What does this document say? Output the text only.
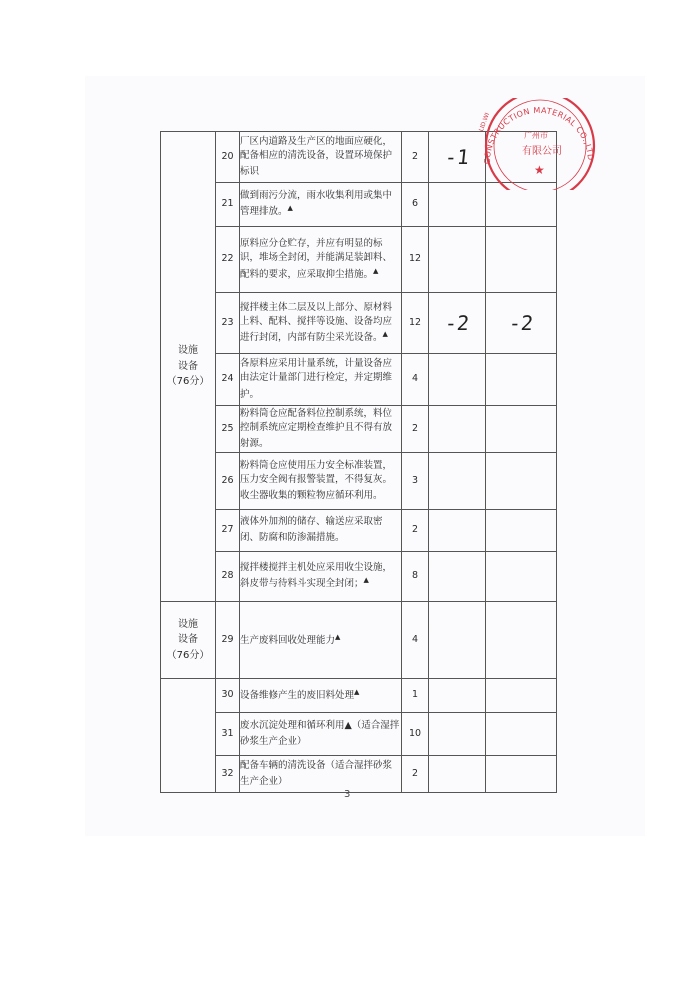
设施
设备
（76分）	20	厂区内道路及生产区的地面应硬化，配备相应的清洗设备，设置环境保护标识	2	-1	
	21	做到雨污分流，雨水收集利用或集中管理排放。▲	6		
	22	原料应分仓贮存，并应有明显的标识，堆场全封闭，并能满足装卸料、配料的要求，应采取抑尘措施。▲	12		
	23	搅拌楼主体二层及以上部分、原材料上料、配料、搅拌等设施、设备均应进行封闭，内部有防尘采光设备。▲	12	-2	-2
	24	各原料应采用计量系统，计量设备应由法定计量部门进行检定，并定期维护。	4		
	25	粉料筒仓应配备料位控制系统，料位控制系统应定期检查维护且不得有放射源。	2		
	26	粉料筒仓应使用压力安全标准装置，压力安全阀有报警装置，不得复灰。收尘器收集的颗粒物应循环利用。	3		
	27	液体外加剂的储存、输送应采取密闭、防腐和防渗漏措施。	2		
	28	搅拌楼搅拌主机处应采用收尘设施，斜皮带与待料斗实现全封闭；▲	8		

设施
设备
（76分）	29	生产废料回收处理能力▲	4		
	30	设备维修产生的废旧料处理▲	1		
	31	废水沉淀处理和循环利用▲（适合湿拌砂浆生产企业）	10		
	32	配备车辆的清洗设备（适合湿拌砂浆生产企业）	2		
CONSTRUCTION MATERIAL CO.,LTD
LID.WI
广州市
有限公司
★
3
